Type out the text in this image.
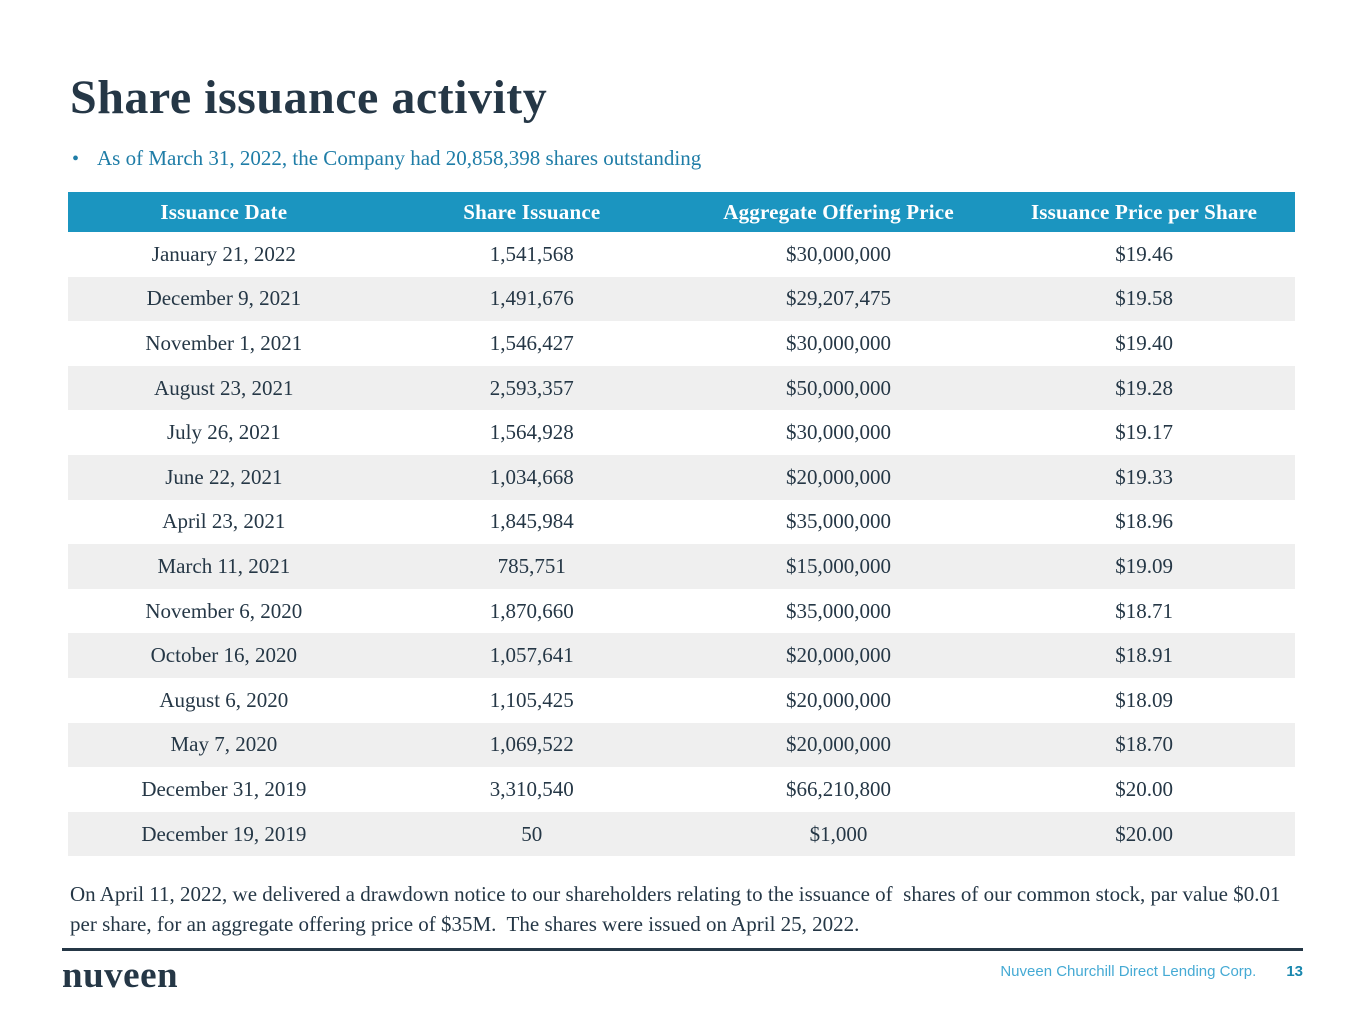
Share issuance activity
• As of March 31, 2022, the Company had 20,858,398 shares outstanding
Issuance Date	Share Issuance	Aggregate Offering Price	Issuance Price per Share
January 21, 2022	1,541,568	$30,000,000	$19.46
December 9, 2021	1,491,676	$29,207,475	$19.58
November 1, 2021	1,546,427	$30,000,000	$19.40
August 23, 2021	2,593,357	$50,000,000	$19.28
July 26, 2021	1,564,928	$30,000,000	$19.17
June 22, 2021	1,034,668	$20,000,000	$19.33
April 23, 2021	1,845,984	$35,000,000	$18.96
March 11, 2021	785,751	$15,000,000	$19.09
November 6, 2020	1,870,660	$35,000,000	$18.71
October 16, 2020	1,057,641	$20,000,000	$18.91
August 6, 2020	1,105,425	$20,000,000	$18.09
May 7, 2020	1,069,522	$20,000,000	$18.70
December 31, 2019	3,310,540	$66,210,800	$20.00
December 19, 2019	50	$1,000	$20.00

On April 11, 2022, we delivered a drawdown notice to our shareholders relating to the issuance of  shares of our common stock, par value $0.01 per share, for an aggregate offering price of $35M.  The shares were issued on April 25, 2022.

nuveen	Nuveen Churchill Direct Lending Corp. 13
